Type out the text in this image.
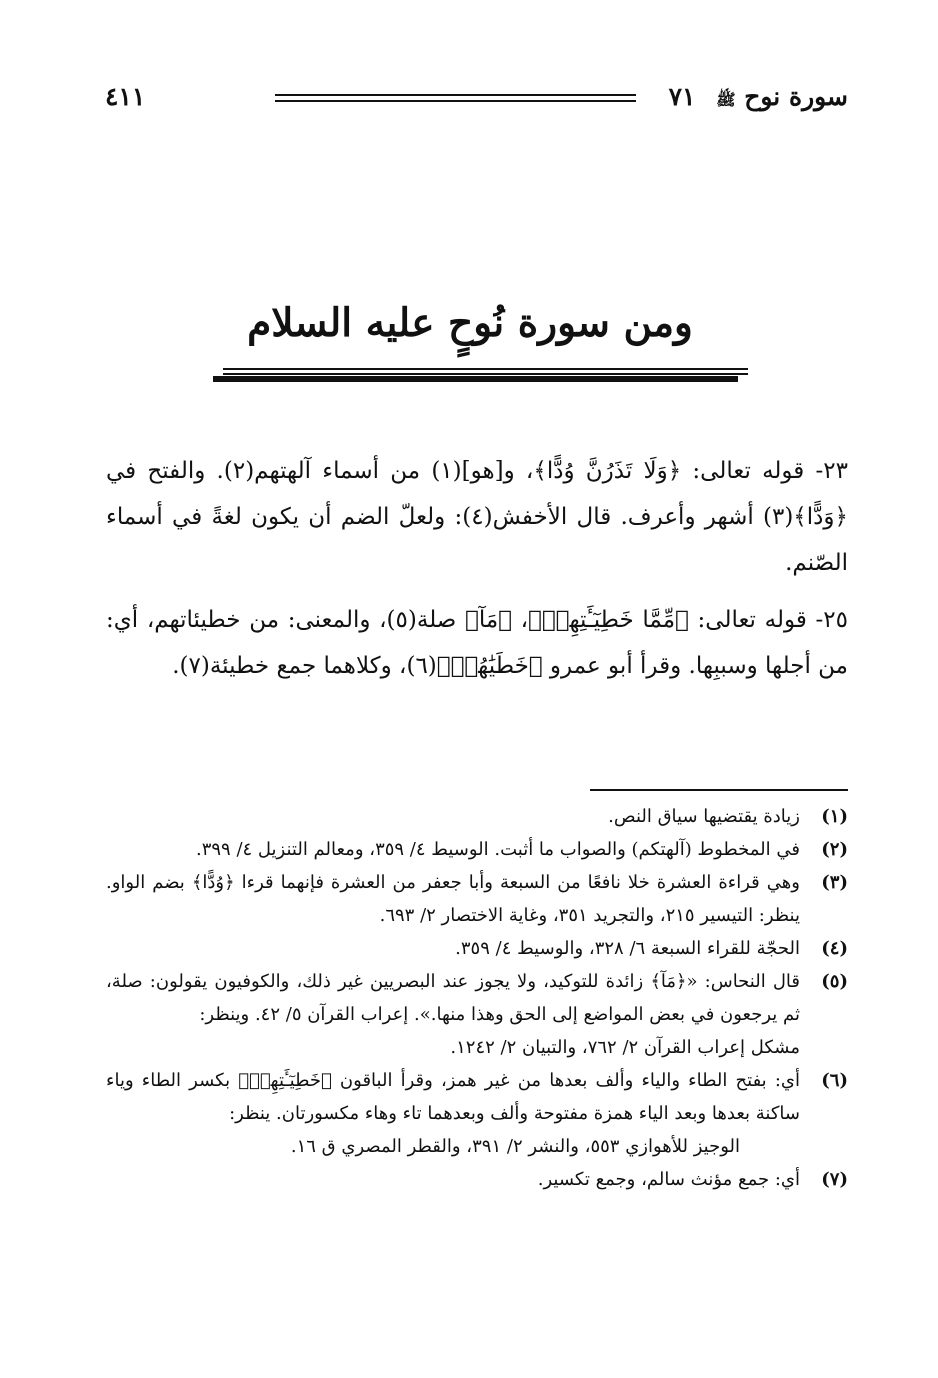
سورة نوح ﷺ ٧١
٤١١
ومن سورة نُوحٍ عليه السلام

٢٣- قوله تعالى: ﴿وَلَا تَذَرُنَّ وُدًّا﴾، و[هو](١) من أسماء آلهتهم(٢). والفتح في ﴿وَدًّا﴾(٣) أشهر وأعرف. قال الأخفش(٤): ولعلّ الضم أن يكون لغةً في أسماء الصّنم.

٢٥- قوله تعالى: ﴿مِّمَّا خَطِيٓـَٔتِهِمۡ﴾، ﴿مَآ﴾ صلة(٥)، والمعنى: من خطيئاتهم، أي: من أجلها وسببِها. وقرأ أبو عمرو ﴿خَطَيَٰهُمۡ﴾(٦)، وكلاهما جمع خطيئة(٧).

(١)
زيادة يقتضيها سياق النص.
(٢)
في المخطوط (آلهتكم) والصواب ما أثبت. الوسيط ٤/ ٣٥٩، ومعالم التنزيل ٤/ ٣٩٩.
(٣)
وهي قراءة العشرة خلا نافعًا من السبعة وأبا جعفر من العشرة فإنهما قرءا ﴿وُدًّا﴾ بضم الواو. ينظر: التيسير ٢١٥، والتجريد ٣٥١، وغاية الاختصار ٢/ ٦٩٣.
(٤)
الحجّة للقراء السبعة ٦/ ٣٢٨، والوسيط ٤/ ٣٥٩.
(٥)
قال النحاس: «﴿مَآ﴾ زائدة للتوكيد، ولا يجوز عند البصريين غير ذلك، والكوفيون يقولون: صلة، ثم يرجعون في بعض المواضع إلى الحق وهذا منها.». إعراب القرآن ٥/ ٤٢. وينظر:
مشكل إعراب القرآن ٢/ ٧٦٢، والتبيان ٢/ ١٢٤٢.
(٦)
أي: بفتح الطاء والياء وألف بعدها من غير همز، وقرأ الباقون ﴿خَطِيٓـَٔتِهِمۡ﴾ بكسر الطاء وياء ساكنة بعدها وبعد الياء همزة مفتوحة وألف وبعدهما تاء وهاء مكسورتان. ينظر:
الوجيز للأهوازي ٥٥٣، والنشر ٢/ ٣٩١، والقطر المصري ق ١٦.
(٧)
أي: جمع مؤنث سالم، وجمع تكسير.
